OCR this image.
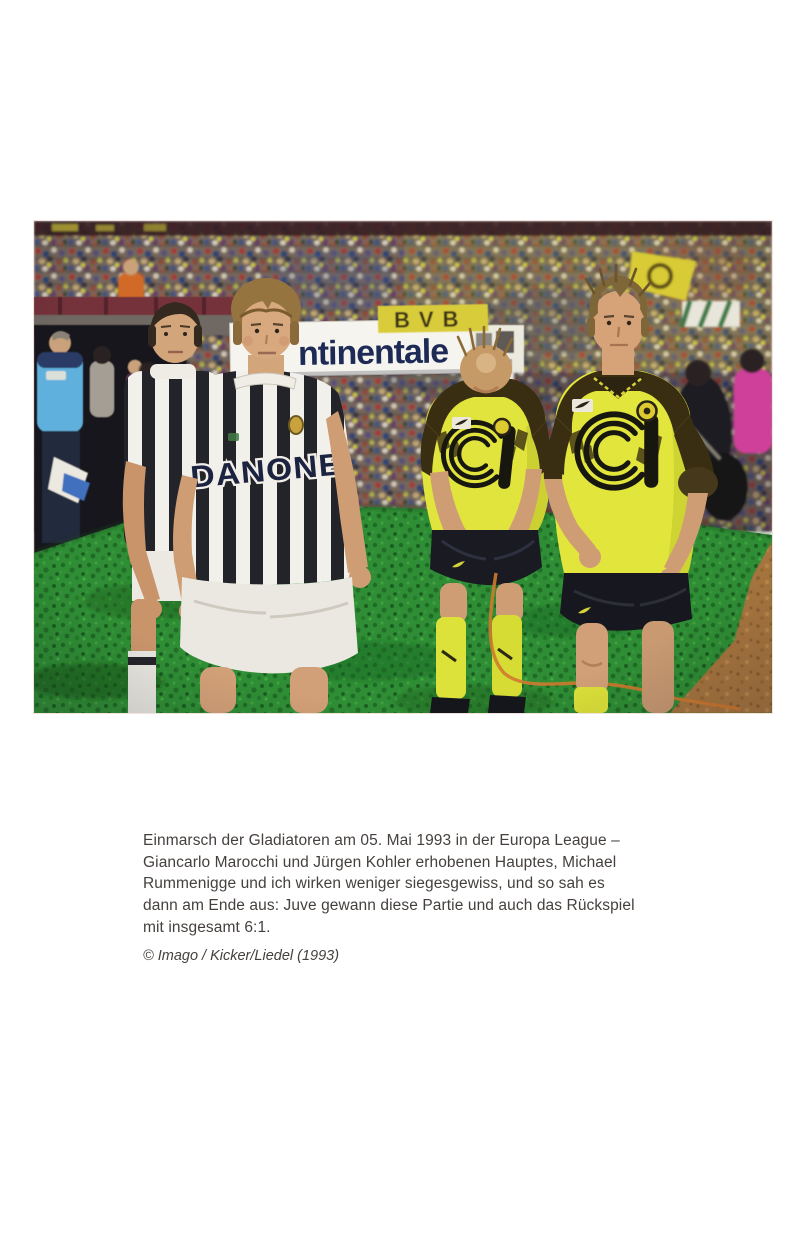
Einmarsch der Gladiatoren am 05. Mai 1993 in der Europa League –
Giancarlo Marocchi und Jürgen Kohler erhobenen Hauptes, Michael
Rummenigge und ich wirken weniger siegesgewiss, und so sah es
dann am Ende aus: Juve gewann diese Partie und auch das Rückspiel
mit insgesamt 6:1.
© Imago / Kicker/Liedel (1993)
